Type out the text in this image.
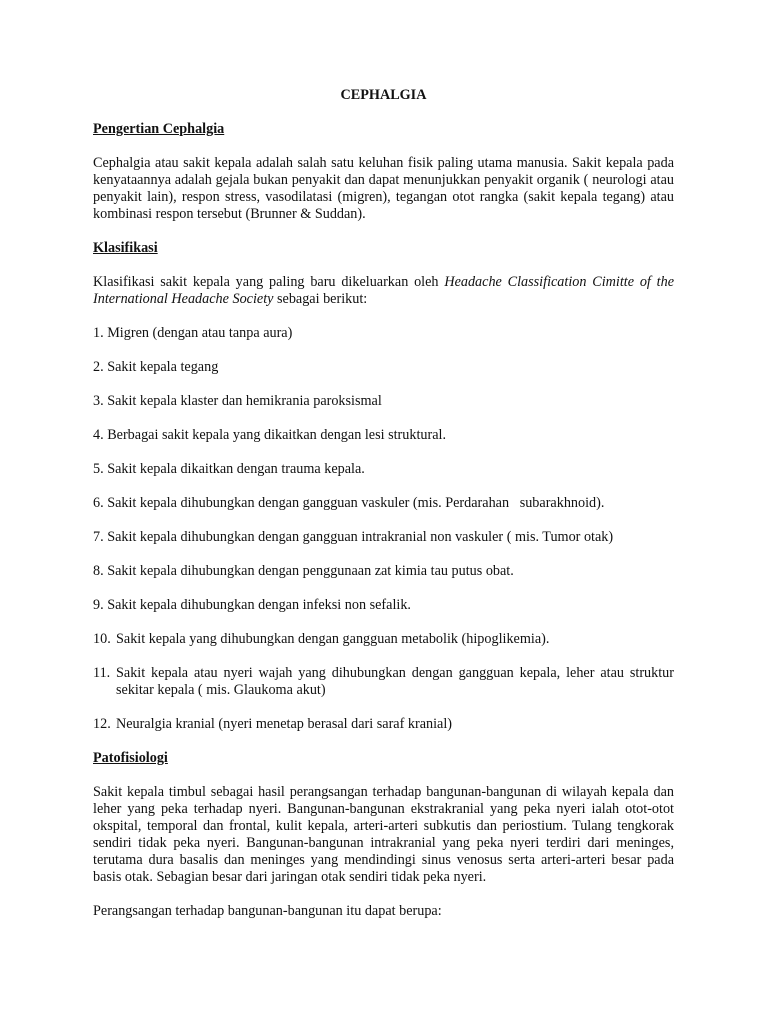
CEPHALGIA
Pengertian Cephalgia
Cephalgia atau sakit kepala adalah salah satu keluhan fisik paling utama manusia. Sakit kepala pada kenyataannya adalah gejala bukan penyakit dan dapat menunjukkan penyakit organik ( neurologi atau penyakit lain), respon stress, vasodilatasi (migren), tegangan otot rangka (sakit kepala tegang) atau kombinasi respon tersebut (Brunner & Suddan).
Klasifikasi
Klasifikasi sakit kepala yang paling baru dikeluarkan oleh Headache Classification Cimitte of the International Headache Society sebagai berikut:
1. Migren (dengan atau tanpa aura)
2. Sakit kepala tegang
3. Sakit kepala klaster dan hemikrania paroksismal
4. Berbagai sakit kepala yang dikaitkan dengan lesi struktural.
5. Sakit kepala dikaitkan dengan trauma kepala.
6. Sakit kepala dihubungkan dengan gangguan vaskuler (mis. Perdarahan   subarakhnoid).
7. Sakit kepala dihubungkan dengan gangguan intrakranial non vaskuler ( mis. Tumor otak)
8. Sakit kepala dihubungkan dengan penggunaan zat kimia tau putus obat.
9. Sakit kepala dihubungkan dengan infeksi non sefalik.
10. Sakit kepala yang dihubungkan dengan gangguan metabolik (hipoglikemia).
11. Sakit kepala atau nyeri wajah yang dihubungkan dengan gangguan kepala, leher atau struktur sekitar kepala ( mis. Glaukoma akut)
12. Neuralgia kranial (nyeri menetap berasal dari saraf kranial)
Patofisiologi
Sakit kepala timbul sebagai hasil perangsangan terhadap bangunan-bangunan di wilayah kepala dan leher yang peka terhadap nyeri. Bangunan-bangunan ekstrakranial yang peka nyeri ialah otot-otot okspital, temporal dan frontal, kulit kepala, arteri-arteri subkutis dan periostium. Tulang tengkorak sendiri tidak peka nyeri. Bangunan-bangunan intrakranial yang peka nyeri terdiri dari meninges, terutama dura basalis dan meninges yang mendindingi sinus venosus serta arteri-arteri besar pada basis otak. Sebagian besar dari jaringan otak sendiri tidak peka nyeri.
Perangsangan terhadap bangunan-bangunan itu dapat berupa:
